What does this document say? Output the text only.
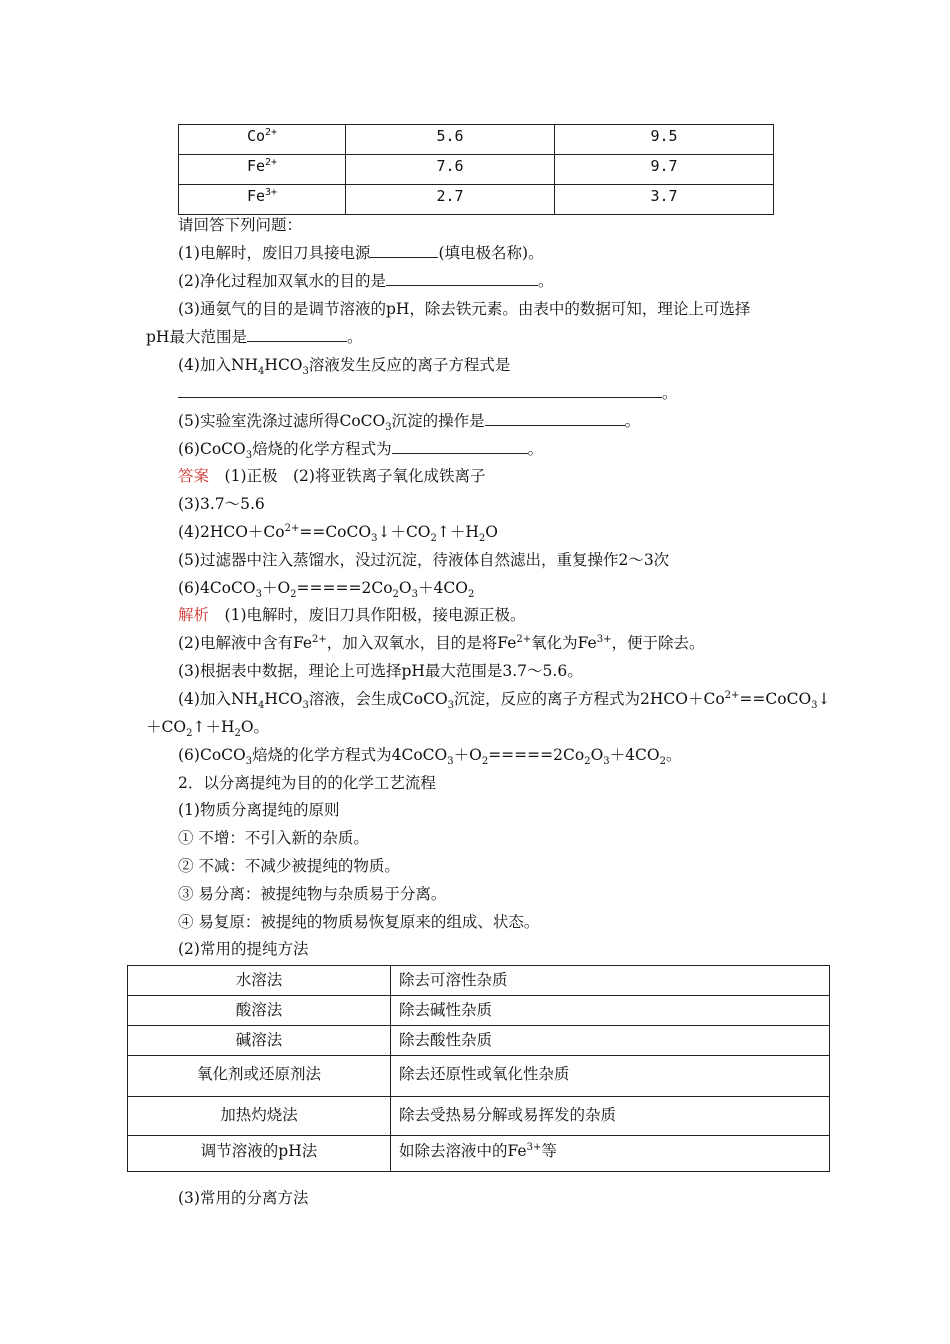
$Co^{2+}$	5.6	9.5

$Fe^{2+}$	7.6	9.7

$Fe^{3+}$	2.7	3.7
请回答下列问题：
(1)电解时，废旧刀具接电源	(填电极名称)。
(2)净化过程加双氧水的目的是	。
(3)通氨气的目的是调节溶液的pH，除去铁元素。由表中的数据可知，理论上可选择
pH最大范围是	。
(4)加入$NH_4HCO_3$溶液发生反应的离子方程式是
。
(5)实验室洗涤过滤所得CoCO$_3$沉淀的操作是	。
(6)CoCO$_3$焙烧的化学方程式为	。
答案　 (1)正极　(2)将亚铁离子氧化成铁离子
(3)3.7～5.6
$(4)2HCO+Co^{2+}==CoCO_3↓+CO_2↑+H_2O$
(5)过滤器中注入蒸馏水，没过沉淀，待液体自然滤出，重复操作2～3次
$(6)4CoCO_3+O_2=====2Co_2O_3+4CO_2$
解析　 (1)电解时，废旧刀具作阳极，接电源正极。
(2)电解液中含有$Fe^{2+}$，加入双氧水，目的是将$Fe^{2+}$氧化为$Fe^{3+}$，便于除去。
(3)根据表中数据，理论上可选择pH最大范围是3.7～5.6。
(4)加入$NH_4HCO_3$溶液，会生成CoCO$_3$沉淀，反应的离子方程式为$2HCO+Co^{2+}==CoCO_3↓$
$+CO_2↑+H_2O$。
(6)CoCO$_3$焙烧的化学方程式为$4CoCO_3+O_2=====2Co_2O_3+4CO_2$。
2．以分离提纯为目的的化学工艺流程
(1)物质分离提纯的原则
① 不增：不引入新的杂质。
② 不减：不减少被提纯的物质。
③ 易分离：被提纯物与杂质易于分离。
④ 易复原：被提纯的物质易恢复原来的组成、状态。
(2)常用的提纯方法
水溶法	除去可溶性杂质

酸溶法	除去碱性杂质

碱溶法	除去酸性杂质

氧化剂或还原剂法	除去还原性或氧化性杂质

加热灼烧法	除去受热易分解或易挥发的杂质

调节溶液的pH法	如除去溶液中的$Fe^{3+}$等
(3)常用的分离方法
